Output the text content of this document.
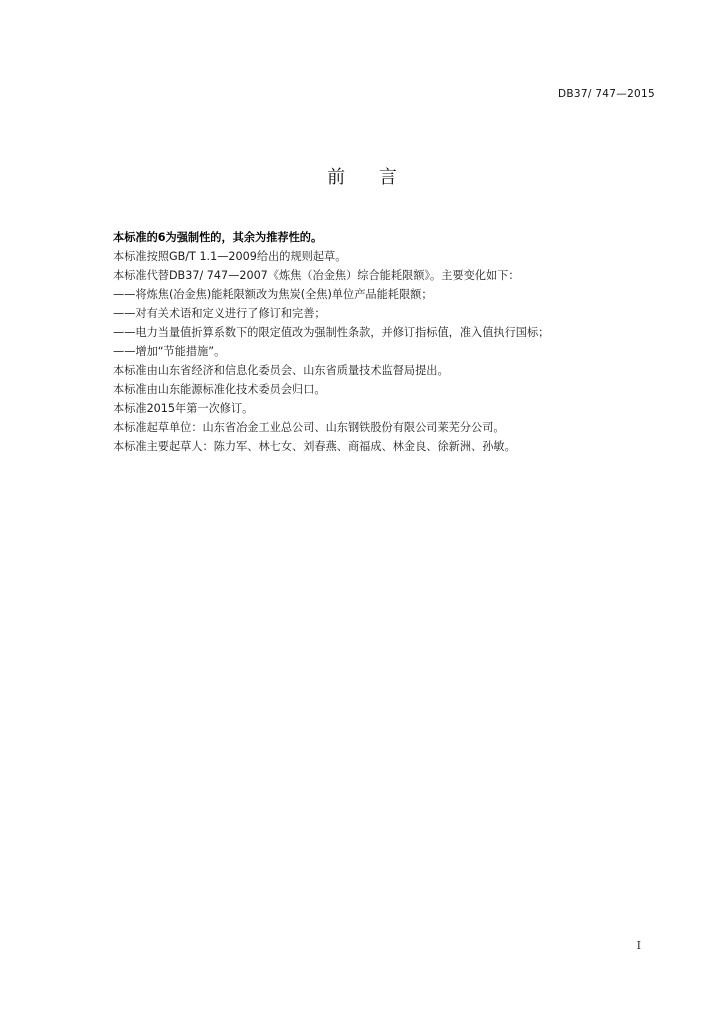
DB37/ 747—2015
前 言
本标准的6为强制性的，其余为推荐性的。
本标准按照GB/T 1.1—2009给出的规则起草。
本标准代替DB37/ 747—2007《炼焦（冶金焦）综合能耗限额》。主要变化如下：
——将炼焦(冶金焦)能耗限额改为焦炭(全焦)单位产品能耗限额；
——对有关术语和定义进行了修订和完善；
——电力当量值折算系数下的限定值改为强制性条款，并修订指标值，准入值执行国标；
——增加“节能措施”。
本标准由山东省经济和信息化委员会、山东省质量技术监督局提出。
本标准由山东能源标准化技术委员会归口。
本标准2015年第一次修订。
本标准起草单位：山东省冶金工业总公司、山东钢铁股份有限公司莱芜分公司。
本标准主要起草人：陈力军、林七女、刘春燕、商福成、林金良、徐新洲、孙敏。
I
